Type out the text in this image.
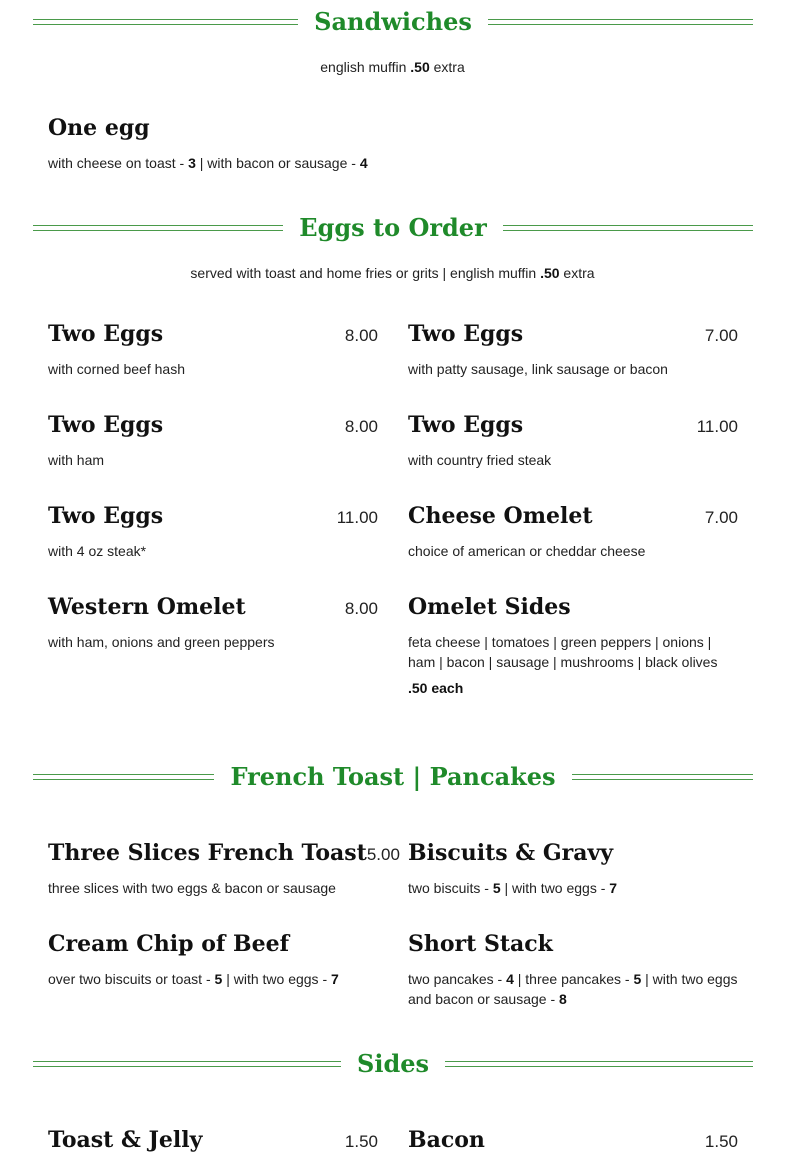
Sandwiches
english muffin .50 extra
One egg
with cheese on toast - 3 | with bacon or sausage - 4
Eggs to Order
served with toast and home fries or grits | english muffin .50 extra
Two Eggs	8.00
with corned beef hash
Two Eggs	7.00
with patty sausage, link sausage or bacon
Two Eggs	8.00
with ham
Two Eggs	11.00
with country fried steak
Two Eggs	11.00
with 4 oz steak*
Cheese Omelet	7.00
choice of american or cheddar cheese
Western Omelet	8.00
with ham, onions and green peppers
Omelet Sides
feta cheese | tomatoes | green peppers | onions | ham | bacon | sausage | mushrooms | black olives
.50 each
French Toast | Pancakes
Three Slices French Toast 5.00
three slices with two eggs & bacon or sausage
Biscuits & Gravy
two biscuits - 5 | with two eggs - 7
Cream Chip of Beef
over two biscuits or toast - 5 | with two eggs - 7
Short Stack
two pancakes - 4 | three pancakes - 5 | with two eggs and bacon or sausage - 8
Sides
Toast & Jelly	1.50 Bacon	1.50
